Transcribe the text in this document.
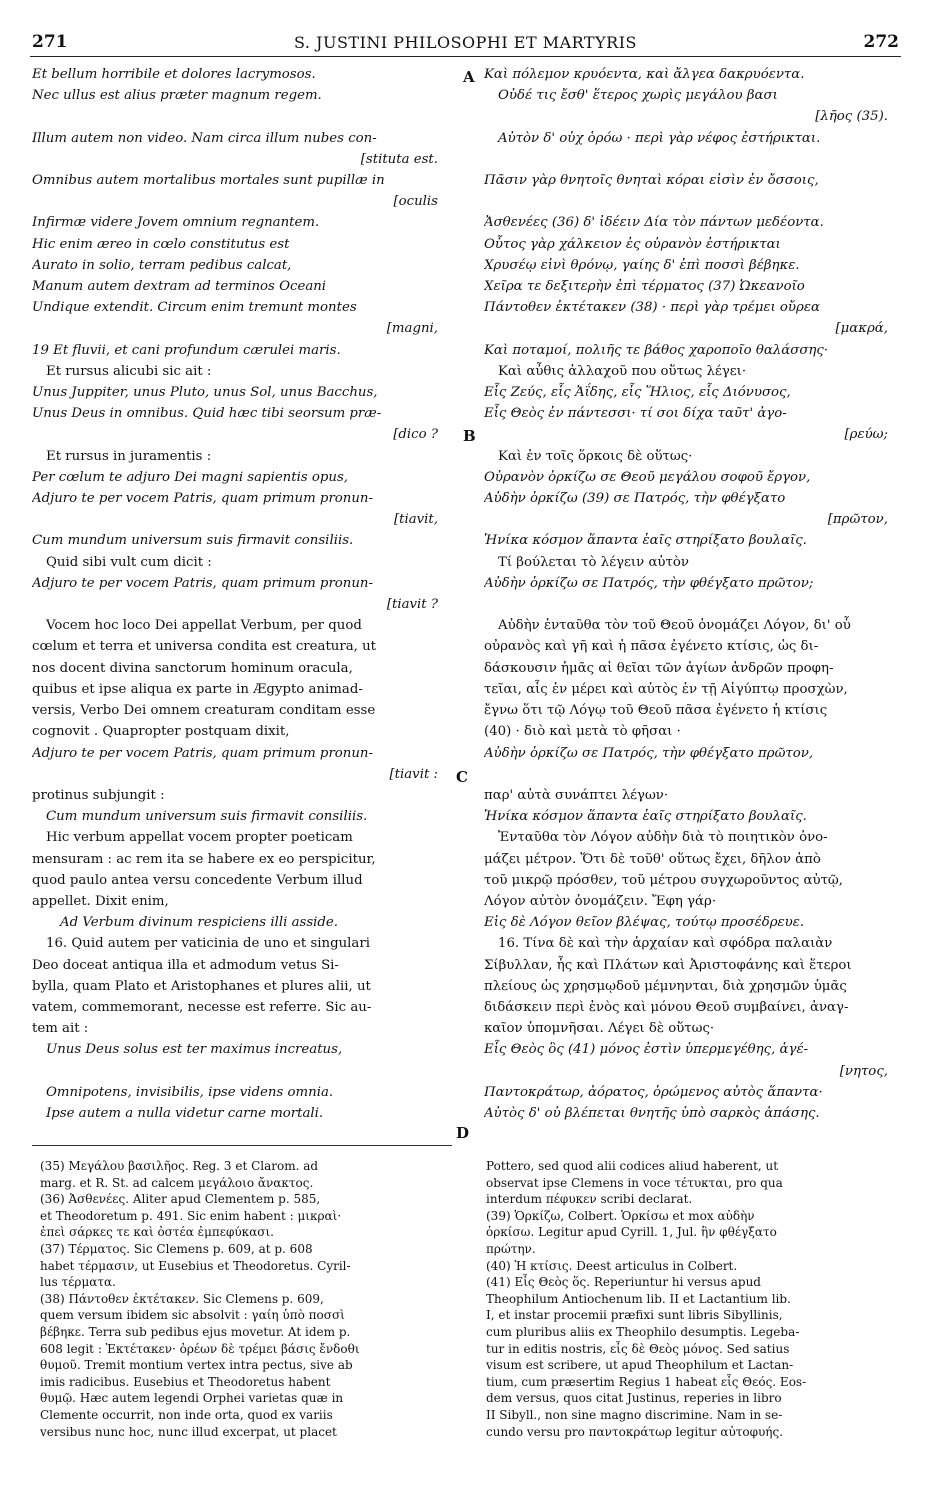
271	S. JUSTINI PHILOSOPHI ET MARTYRIS	272
Et bellum horribile et dolores lacrymosos.
Nec ullus est alius præter magnum regem.

Illum autem non video. Nam circa illum nubes con-
[stituta est.
Omnibus autem mortalibus mortales sunt pupillæ in
[oculis
Infirmæ videre Jovem omnium regnantem.
Hic enim æreo in cœlo constitutus est
Aurato in solio, terram pedibus calcat,
Manum autem dextram ad terminos Oceani
Undique extendit. Circum enim tremunt montes
[magni,
19 Et fluvii, et cani profundum cærulei maris.
Et rursus alicubi sic ait :
Unus Juppiter, unus Pluto, unus Sol, unus Bacchus,
Unus Deus in omnibus. Quid hæc tibi seorsum præ-
[dico ?
Et rursus in juramentis :
Per cœlum te adjuro Dei magni sapientis opus,
Adjuro te per vocem Patris, quam primum pronun-
[tiavit,
Cum mundum universum suis firmavit consiliis.
Quid sibi vult cum dicit :
Adjuro te per vocem Patris, quam primum pronun-
[tiavit ?
Vocem hoc loco Dei appellat Verbum, per quod
cœlum et terra et universa condita est creatura, ut
nos docent divina sanctorum hominum oracula,
quibus et ipse aliqua ex parte in Ægypto animad-
versis, Verbo Dei omnem creaturam conditam esse
cognovit . Quapropter postquam dixit,
Adjuro te per vocem Patris, quam primum pronun-
[tiavit :
protinus subjungit :
Cum mundum universum suis firmavit consiliis.
Hic verbum appellat vocem propter poeticam
mensuram : ac rem ita se habere ex eo perspicitur,
quod paulo antea versu concedente Verbum illud
appellet. Dixit enim,
Ad Verbum divinum respiciens illi asside.
16. Quid autem per vaticinia de uno et singulari
Deo doceat antiqua illa et admodum vetus Si-
bylla, quam Plato et Aristophanes et plures alii, ut
vatem, commemorant, necesse est referre. Sic au-
tem ait :
Unus Deus solus est ter maximus increatus,

Omnipotens, invisibilis, ipse videns omnia.
Ipse autem a nulla videtur carne mortali.
Καὶ πόλεμον κρυόεντα, καὶ ἄλγεα δακρυόεντα.
Οὐδέ τις ἔσθ' ἕτερος χωρὶς μεγάλου βασι
[λῆος (35).
Αὐτὸν δ' οὐχ ὁρόω · περὶ γὰρ νέφος ἐστήρικται.

Πᾶσιν γὰρ θνητοῖς θνηταὶ κόραι εἰσὶν ἐν ὄσσοις,

Ἀσθενέες (36) δ' ἰδέειν Δία τὸν πάντων μεδέοντα.
Οὗτος γὰρ χάλκειον ἐς οὐρανὸν ἐστήρικται
Χρυσέῳ εἰνὶ θρόνῳ, γαίης δ' ἐπὶ ποσσὶ βέβηκε.
Χεῖρα τε δεξιτερὴν ἐπὶ τέρματος (37) Ὠκεανοῖο
Πάντοθεν ἐκτέτακεν (38) · περὶ γὰρ τρέμει οὔρεα
[μακρά,
Καὶ ποταμοί, πολιῆς τε βάθος χαροποῖο θαλάσσης·
Καὶ αὖθις ἀλλαχοῦ που οὕτως λέγει·
Εἷς Ζεύς, εἷς Ἀΐδης, εἷς Ἥλιος, εἷς Διόνυσος,
Εἷς Θεὸς ἐν πάντεσσι· τί σοι δίχα ταῦτ' ἀγο-
[ρεύω;
Καὶ ἐν τοῖς ὅρκοις δὲ οὕτως·
Οὐρανὸν ὁρκίζω σε Θεοῦ μεγάλου σοφοῦ ἔργον,
Αὐδὴν ὁρκίζω (39) σε Πατρός, τὴν φθέγξατο
[πρῶτον,
Ἡνίκα κόσμον ἅπαντα ἑαῖς στηρίξατο βουλαῖς.
Τί βούλεται τὸ λέγειν αὐτὸν
Αὐδὴν ὁρκίζω σε Πατρός, τὴν φθέγξατο πρῶτον;

Αὐδὴν ἐνταῦθα τὸν τοῦ Θεοῦ ὀνομάζει Λόγον, δι' οὗ
οὐρανὸς καὶ γῆ καὶ ἡ πᾶσα ἐγένετο κτίσις, ὡς δι-
δάσκουσιν ἡμᾶς αἱ θεῖαι τῶν ἁγίων ἀνδρῶν προφη-
τεῖαι, αἷς ἐν μέρει καὶ αὐτὸς ἐν τῇ Αἰγύπτῳ προσχὼν,
ἔγνω ὅτι τῷ Λόγῳ τοῦ Θεοῦ πᾶσα ἐγένετο ἡ κτίσις
(40) · διὸ καὶ μετὰ τὸ φῆσαι ·
Αὐδὴν ὁρκίζω σε Πατρός, τὴν φθέγξατο πρῶτον,

παρ' αὐτὰ συνάπτει λέγων·
Ἡνίκα κόσμον ἅπαντα ἑαῖς στηρίξατο βουλαῖς.
Ἐνταῦθα τὸν Λόγον αὐδὴν διὰ τὸ ποιητικὸν ὀνο-
μάζει μέτρον. Ὅτι δὲ τοῦθ' οὕτως ἔχει, δῆλον ἀπὸ
τοῦ μικρῷ πρόσθεν, τοῦ μέτρου συγχωροῦντος αὐτῷ,
Λόγον αὐτὸν ὀνομάζειν. Ἔφη γάρ·
Εἰς δὲ Λόγον θεῖον βλέψας, τούτῳ προσέδρευε.
16. Τίνα δὲ καὶ τὴν ἀρχαίαν καὶ σφόδρα παλαιὰν
Σίβυλλαν, ἧς καὶ Πλάτων καὶ Ἀριστοφάνης καὶ ἕτεροι
πλείους ὡς χρησμῳδοῦ μέμνηνται, διὰ χρησμῶν ὑμᾶς
διδάσκειν περὶ ἑνὸς καὶ μόνου Θεοῦ συμβαίνει, ἀναγ-
καῖον ὑπομνῆσαι. Λέγει δὲ οὕτως·
Εἷς Θεὸς ὃς (41) μόνος ἐστὶν ὑπερμεγέθης, ἀγέ-
[νητος,
Παντοκράτωρ, ἀόρατος, ὁρώμενος αὐτὸς ἅπαντα·
Αὐτὸς δ' οὐ βλέπεται θνητῆς ὑπὸ σαρκὸς ἁπάσης.
A
B
C
D
(35) Μεγάλου βασιλῆος. Reg. 3 et Clarom. ad
marg. et R. St. ad calcem μεγάλοιο ἄνακτος.
(36) Ἀσθενέες. Aliter apud Clementem p. 585,
et Theodoretum p. 491. Sic enim habent : μικραὶ·
ἐπεὶ σάρκες τε καὶ ὀστέα ἐμπεφύκασι.
(37) Τέρματος. Sic Clemens p. 609, at p. 608
habet τέρμασιν, ut Eusebius et Theodoretus. Cyril-
lus τέρματα.
(38) Πάντοθεν ἐκτέτακεν. Sic Clemens p. 609,
quem versum ibidem sic absolvit : γαίη ὑπὸ ποσσὶ
βέβηκε. Terra sub pedibus ejus movetur. At idem p.
608 legit : Ἐκτέτακεν· ὀρέων δὲ τρέμει βάσις ἔνδοθι
θυμοῦ. Tremit montium vertex intra pectus, sive ab
imis radicibus. Eusebius et Theodoretus habent
θυμῷ. Hæc autem legendi Orphei varietas quæ in
Clemente occurrit, non inde orta, quod ex variis
versibus nunc hoc, nunc illud excerpat, ut placet
Pottero, sed quod alii codices aliud haberent, ut
observat ipse Clemens in voce τέτυκται, pro qua
interdum πέφυκεν scribi declarat.
(39) Ὁρκίζω, Colbert. Ὁρκίσω et mox αὐδὴν
ὁρκίσω. Legitur apud Cyrill. 1, Jul. ἣν φθέγξατο
πρώτην.
(40) Ἡ κτίσις. Deest articulus in Colbert.
(41) Εἷς Θεὸς ὅς. Reperiuntur hi versus apud
Theophilum Antiochenum lib. II et Lactantium lib.
I, et instar procemii præfixi sunt libris Sibyllinis,
cum pluribus aliis ex Theophilo desumptis. Legeba-
tur in editis nostris, εἷς δὲ Θεὸς μόνος. Sed satius
visum est scribere, ut apud Theophilum et Lactan-
tium, cum præsertim Regius 1 habeat εἷς Θεός. Eos-
dem versus, quos citat Justinus, reperies in libro
II Sibyll., non sine magno discrimine. Nam in se-
cundo versu pro παντοκράτωρ legitur αὐτοφυής.
